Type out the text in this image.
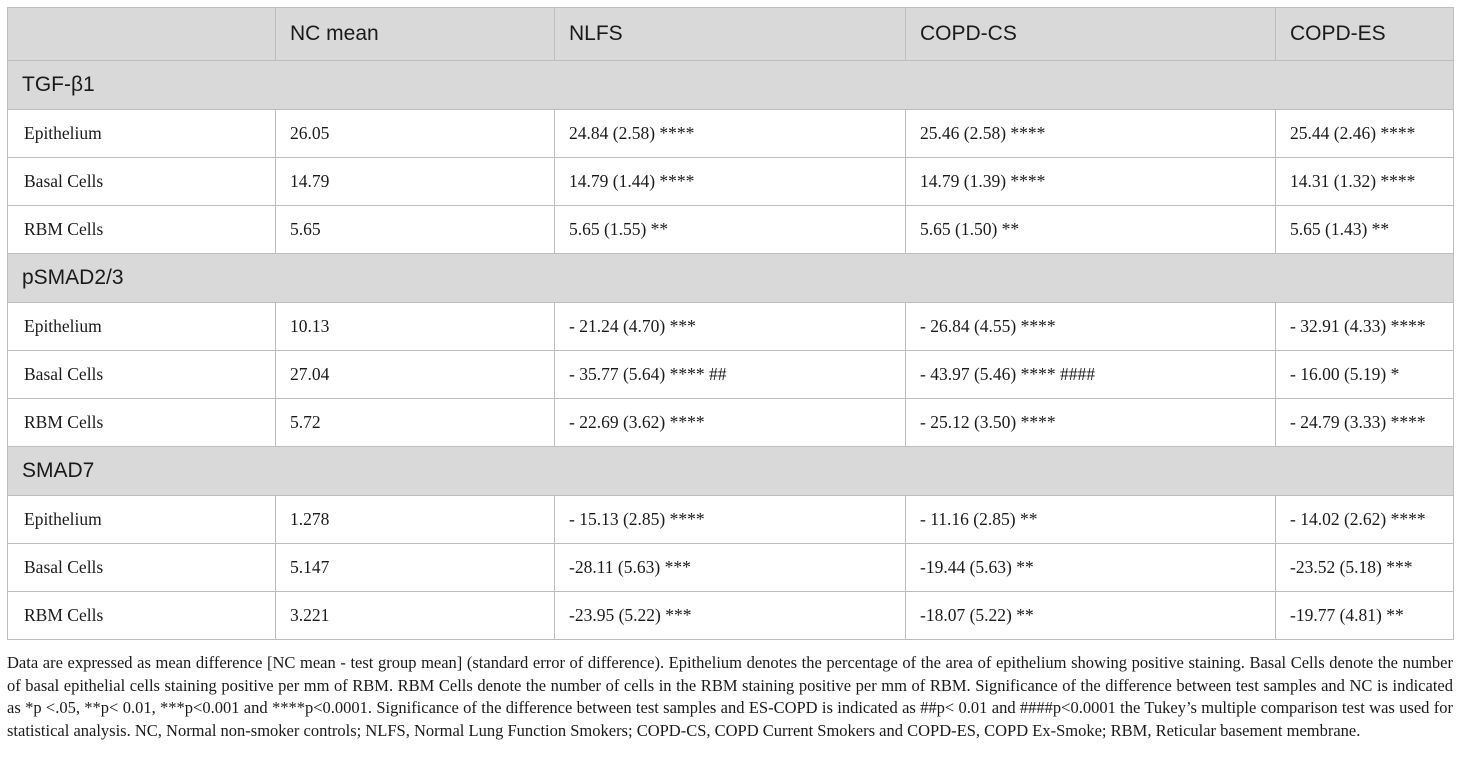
	NC mean	NLFS	COPD-CS	COPD-ES
TGF-β1				
Epithelium	26.05	24.84 (2.58) ****	25.46 (2.58) ****	25.44 (2.46) ****
Basal Cells	14.79	14.79 (1.44) ****	14.79 (1.39) ****	14.31 (1.32) ****
RBM Cells	5.65	5.65 (1.55) **	5.65 (1.50) **	5.65 (1.43) **
pSMAD2/3				
Epithelium	10.13	- 21.24 (4.70) ***	- 26.84 (4.55) ****	- 32.91 (4.33) ****
Basal Cells	27.04	- 35.77 (5.64) **** ##	- 43.97 (5.46) **** ####	- 16.00 (5.19) *
RBM Cells	5.72	- 22.69 (3.62) ****	- 25.12 (3.50) ****	- 24.79 (3.33) ****
SMAD7				
Epithelium	1.278	- 15.13 (2.85) ****	- 11.16 (2.85) **	- 14.02 (2.62) ****
Basal Cells	5.147	-28.11 (5.63) ***	-19.44 (5.63) **	-23.52 (5.18) ***
RBM Cells	3.221	-23.95 (5.22) ***	-18.07 (5.22) **	-19.77 (4.81) **

Data are expressed as mean difference [NC mean - test group mean] (standard error of difference). Epithelium denotes the percentage of the area of epithelium showing positive staining. Basal Cells denote the number of basal epithelial cells staining positive per mm of RBM. RBM Cells denote the number of cells in the RBM staining positive per mm of RBM. Significance of the difference between test samples and NC is indicated as *p <.05, **p< 0.01, ***p<0.001 and ****p<0.0001. Significance of the difference between test samples and ES-COPD is indicated as ##p< 0.01 and ####p<0.0001 the Tukey’s multiple comparison test was used for statistical analysis. NC, Normal non-smoker controls; NLFS, Normal Lung Function Smokers; COPD-CS, COPD Current Smokers and COPD-ES, COPD Ex-Smoke; RBM, Reticular basement membrane.
